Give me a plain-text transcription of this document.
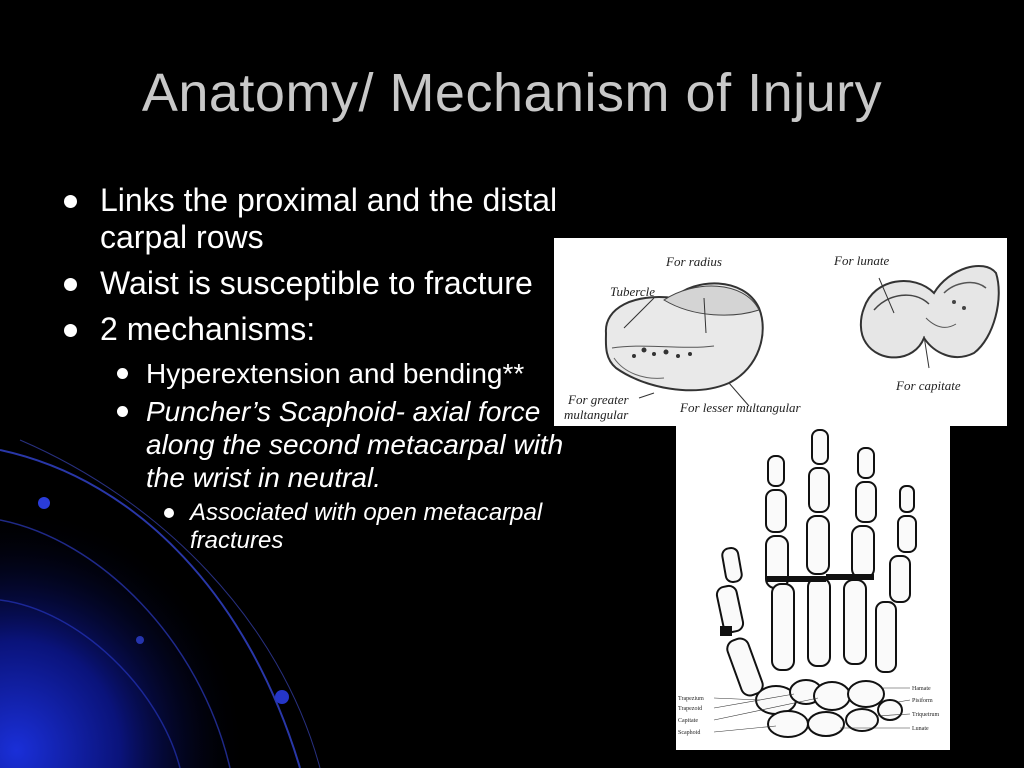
Anatomy/ Mechanism of Injury
Links the proximal and the distal carpal rows
Waist is susceptible to fracture
2 mechanisms:
Hyperextension and bending**
Puncher’s Scaphoid- axial force along the second metacarpal with the wrist in neutral.
Associated with open metacarpal fractures
For radius
Tubercle
For greater
multangular	For lesser multangular
For lunate
For capitate
Trapezium
Trapezoid
Capitate
Scaphoid
Hamate
Pisiform
Triquetrum
Lunate
